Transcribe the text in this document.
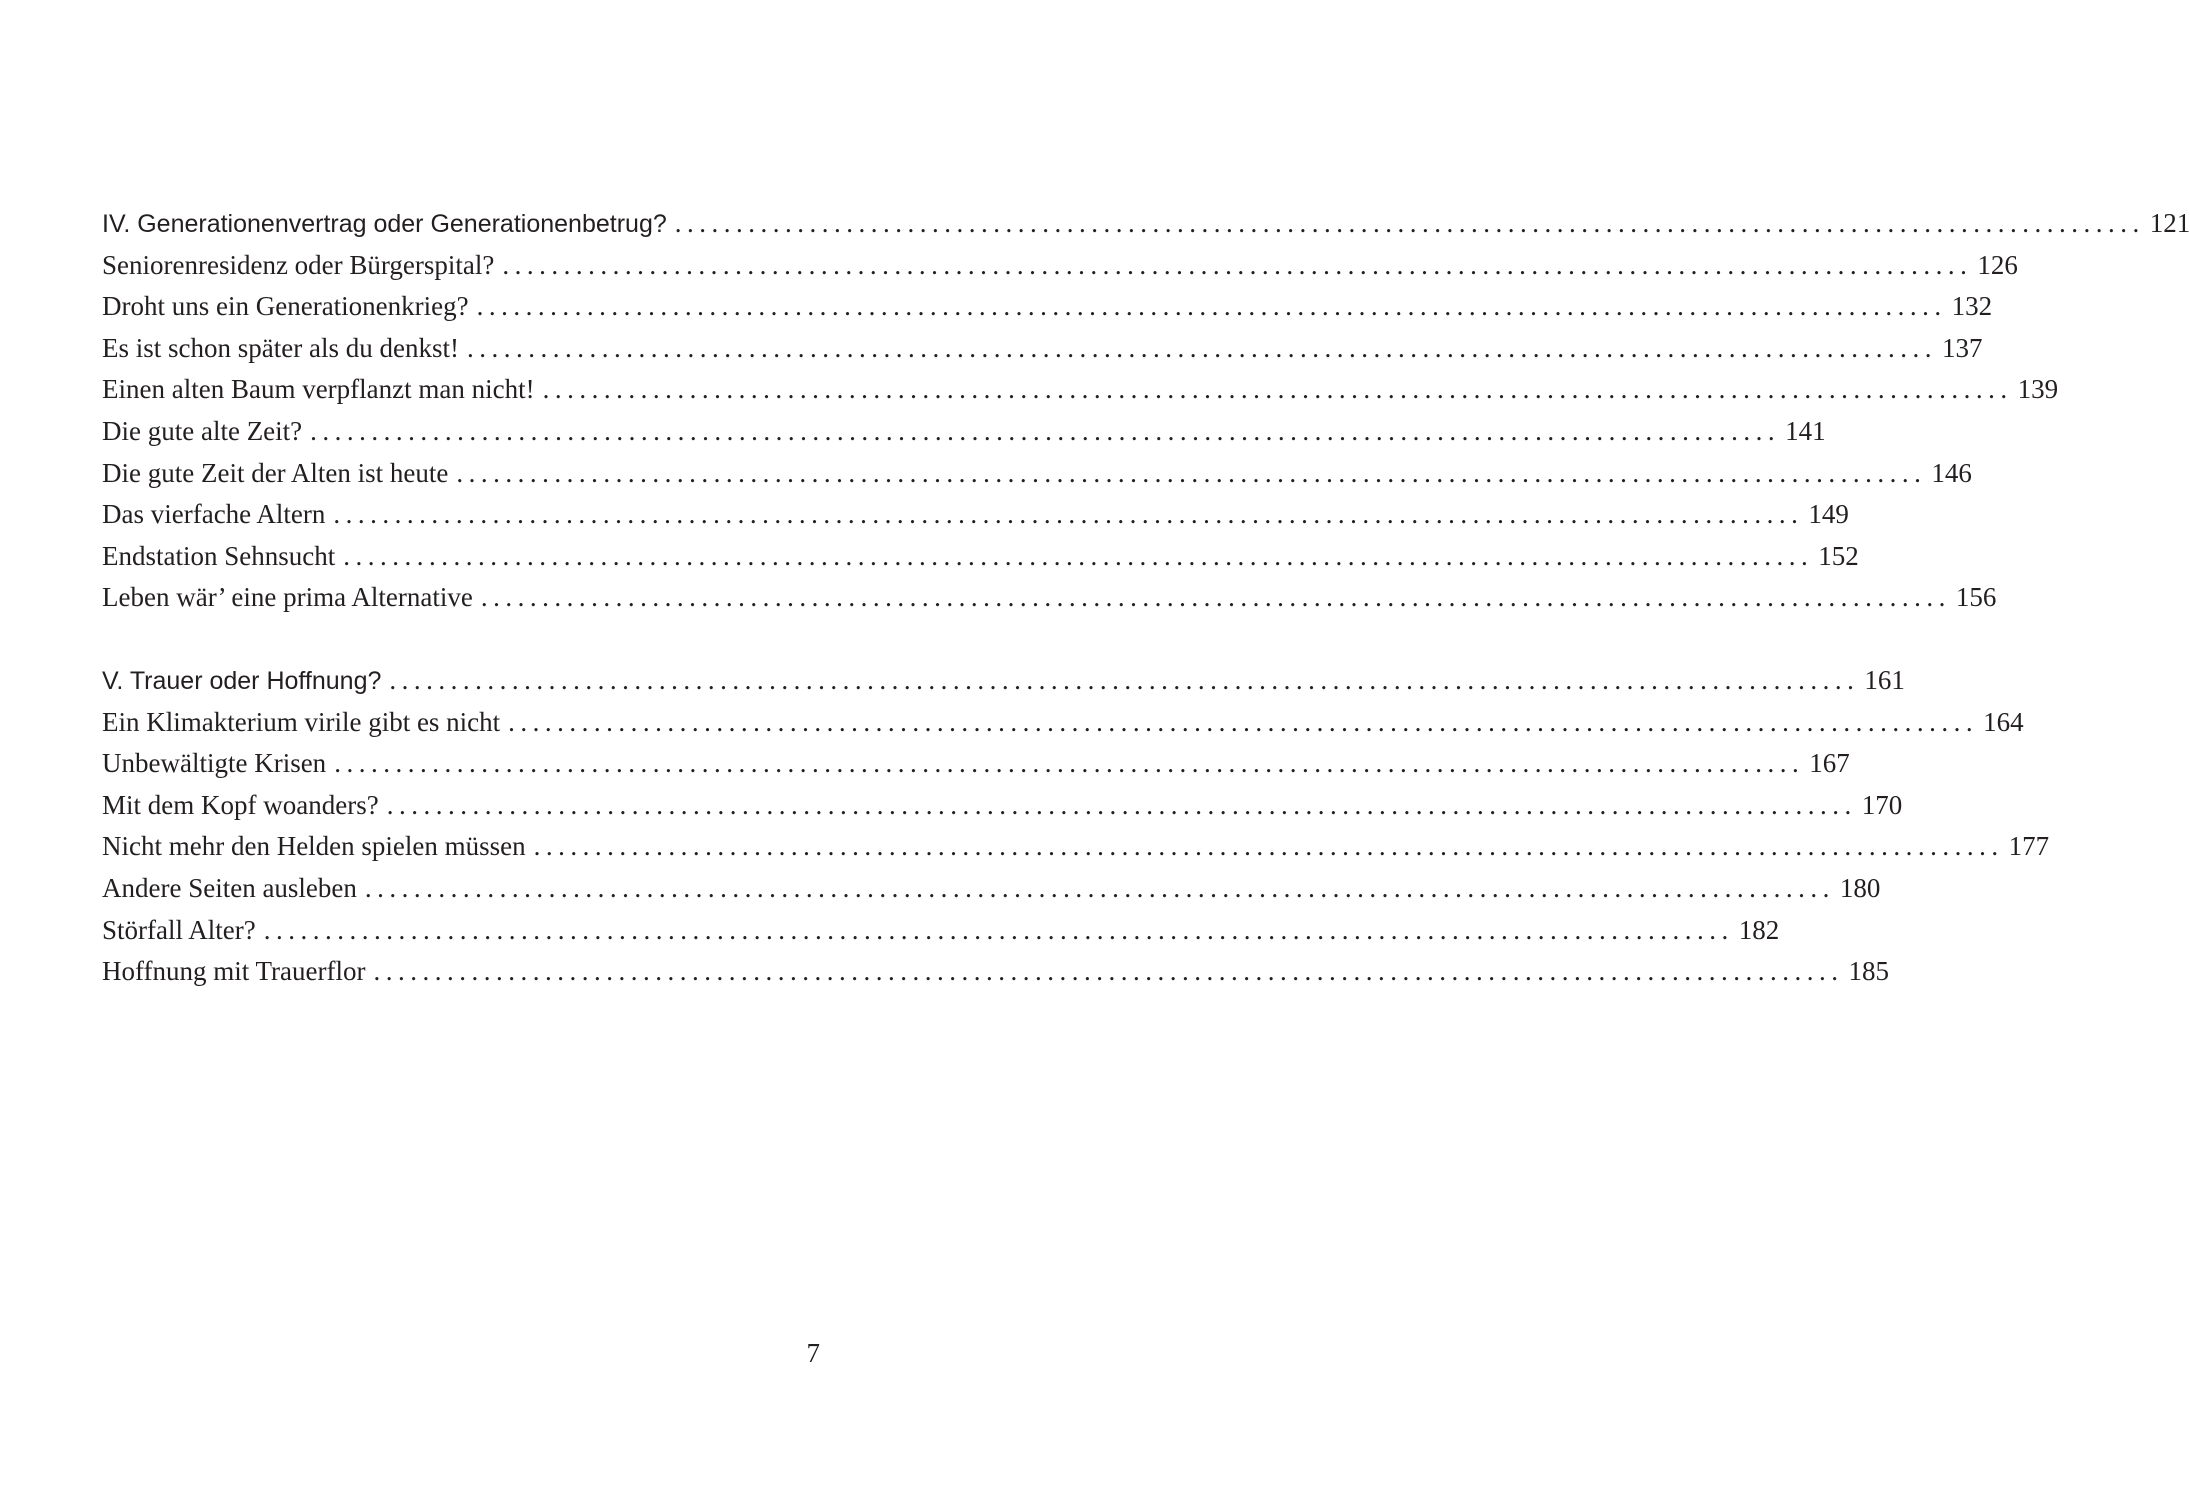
IV. Generationenvertrag oder Generationenbetrug? ........................................................................................................................ 121
Seniorenresidenz oder Bürgerspital? ........................................................................................................................ 126
Droht uns ein Generationenkrieg? ........................................................................................................................ 132
Es ist schon später als du denkst! ........................................................................................................................ 137
Einen alten Baum verpflanzt man nicht! ........................................................................................................................ 139
Die gute alte Zeit? ........................................................................................................................ 141
Die gute Zeit der Alten ist heute ........................................................................................................................ 146
Das vierfache Altern ........................................................................................................................ 149
Endstation Sehnsucht ........................................................................................................................ 152
Leben wär’ eine prima Alternative ........................................................................................................................ 156
V. Trauer oder Hoffnung? ........................................................................................................................ 161
Ein Klimakterium virile gibt es nicht ........................................................................................................................ 164
Unbewältigte Krisen ........................................................................................................................ 167
Mit dem Kopf woanders? ........................................................................................................................ 170
Nicht mehr den Helden spielen müssen ........................................................................................................................ 177
Andere Seiten ausleben ........................................................................................................................ 180
Störfall Alter? ........................................................................................................................ 182
Hoffnung mit Trauerflor ........................................................................................................................ 185
7
